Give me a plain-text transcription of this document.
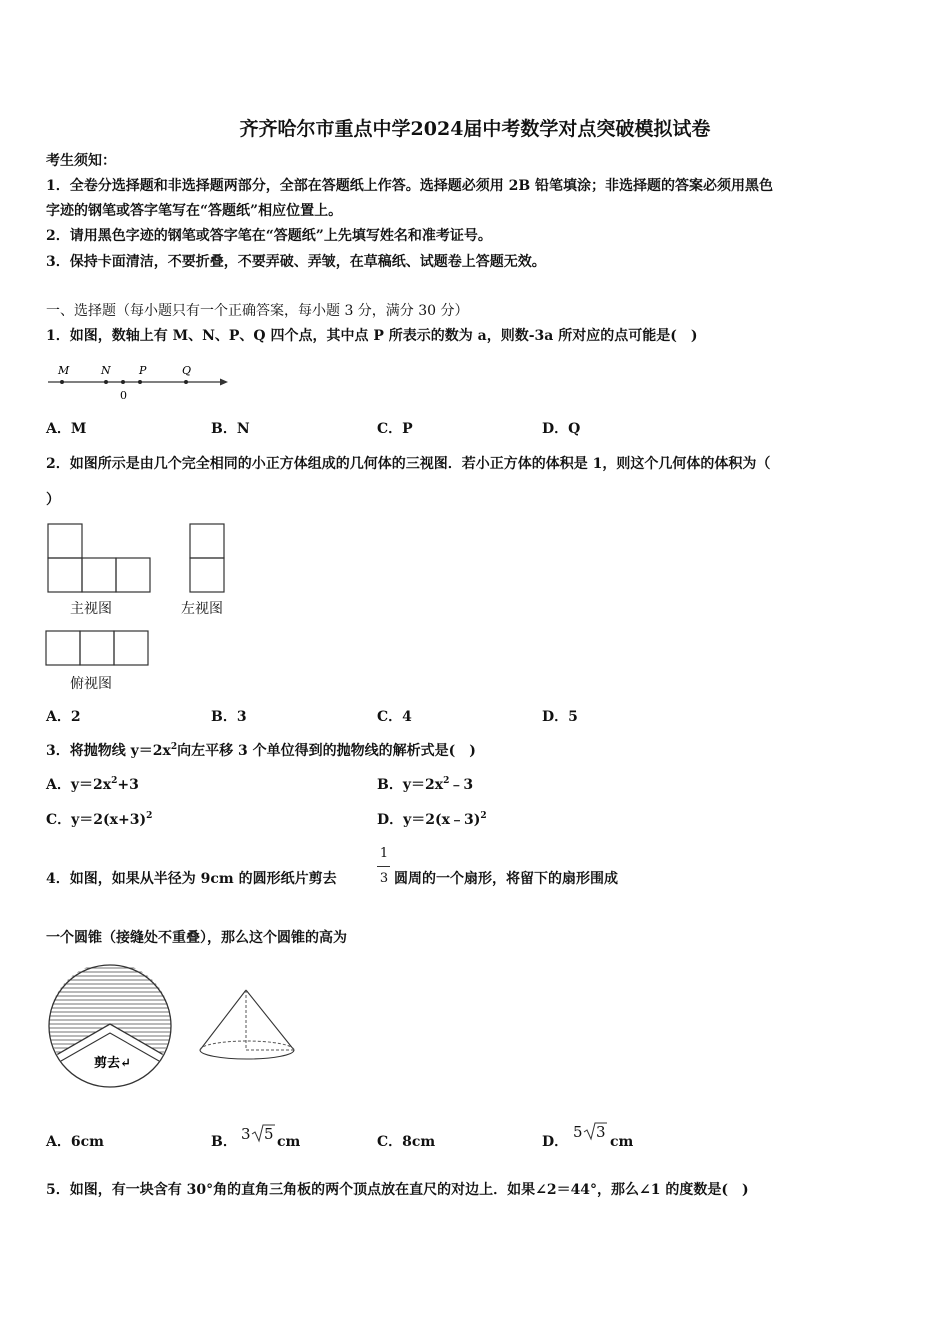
齐齐哈尔市重点中学2024届中考数学对点突破模拟试卷
考生须知：
1．全卷分选择题和非选择题两部分，全部在答题纸上作答。选择题必须用 2B 铅笔填涂；非选择题的答案必须用黑色
字迹的钢笔或答字笔写在“答题纸”相应位置上。
2．请用黑色字迹的钢笔或答字笔在“答题纸”上先填写姓名和准考证号。
3．保持卡面清洁，不要折叠，不要弄破、弄皱，在草稿纸、试题卷上答题无效。
一、选择题（每小题只有一个正确答案，每小题 3 分，满分 30 分）
1．如图，数轴上有 M、N、P、Q 四个点，其中点 P 所表示的数为 a，则数-3a 所对应的点可能是(　)
M	N	P	Q
0
A．M	B．N	C．P	D．Q
2．如图所示是由几个完全相同的小正方体组成的几何体的三视图．若小正方体的体积是 1，则这个几何体的体积为（
）
主视图	左视图
俯视图
A．2	B．3	C．4	D．5
3．将抛物线 $y=2x^2$向左平移 3 个单位得到的抛物线的解析式是(　)
A．$y=2x^2+3$	B．$y=2x^2﹣3$
C．$y=2(x+3)^2$	D．y＝2(x﹣3)$^2$
4．如图，如果从半径为 9cm 的圆形纸片剪去
1
3 圆周的一个扇形，将留下的扇形围成
一个圆锥（接缝处不重叠），那么这个圆锥的高为
剪去↵
A．6cm	B． 3 5 cm	C．8cm	D．
5 3
cm
5．如图，有一块含有 30°角的直角三角板的两个顶点放在直尺的对边上．如果∠2＝44°，那么∠1 的度数是(　)
